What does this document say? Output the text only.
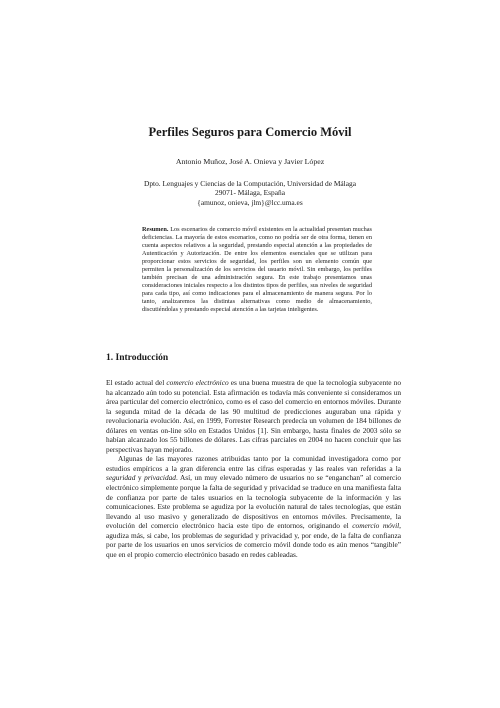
Perfiles Seguros para Comercio Móvil
Antonio Muñoz, José A. Onieva y Javier López
Dpto. Lenguajes y Ciencias de la Computación, Universidad de Málaga
29071- Málaga, España
{amunoz, onieva, jlm}@lcc.uma.es
Resumen. Los escenarios de comercio móvil existentes en la actualidad presentan muchas deficiencias. La mayoría de estos escenarios, como no podría ser de otra forma, tienen en cuenta aspectos relativos a la seguridad, prestando especial atención a las propiedades de Autenticación y Autorización. De entre los elementos esenciales que se utilizan para proporcionar estos servicios de seguridad, los perfiles son un elemento común que permiten la personalización de los servicios del usuario móvil. Sin embargo, los perfiles también precisan de una administración segura. En este trabajo presentamos unas consideraciones iniciales respecto a los distintos tipos de perfiles, sus niveles de seguridad para cada tipo, así como indicaciones para el almacenamiento de manera segura. Por lo tanto, analizaremos las distintas alternativas como medio de almacenamiento, discutiéndolas y prestando especial atención a las tarjetas inteligentes.
1. Introducción

El estado actual del comercio electrónico es una buena muestra de que la tecnología subyacente no ha alcanzado aún todo su potencial. Esta afirmación es todavía más conveniente si consideramos un área particular del comercio electrónico, como es el caso del comercio en entornos móviles. Durante la segunda mitad de la década de las 90 multitud de predicciones auguraban una rápida y revolucionaria evolución. Así, en 1999, Forrester Research predecía un volumen de 184 billones de dólares en ventas on-line sólo en Estados Unidos [1]. Sin embargo, hasta finales de 2003 sólo se habían alcanzado los 55 billones de dólares. Las cifras parciales en 2004 no hacen concluir que las perspectivas hayan mejorado.

Algunas de las mayores razones atribuidas tanto por la comunidad investigadora como por estudios empíricos a la gran diferencia entre las cifras esperadas y las reales van referidas a la seguridad y privacidad. Así, un muy elevado número de usuarios no se “enganchan” al comercio electrónico simplemente porque la falta de seguridad y privacidad se traduce en una manifiesta falta de confianza por parte de tales usuarios en la tecnología subyacente de la información y las comunicaciones. Este problema se agudiza por la evolución natural de tales tecnologías, que están llevando al uso masivo y generalizado de dispositivos en entornos móviles. Precisamente, la evolución del comercio electrónico hacia este tipo de entornos, originando el comercio móvil, agudiza más, si cabe, los problemas de seguridad y privacidad y, por ende, de la falta de confianza por parte de los usuarios en unos servicios de comercio móvil donde todo es aún menos “tangible” que en el propio comercio electrónico basado en redes cableadas.
